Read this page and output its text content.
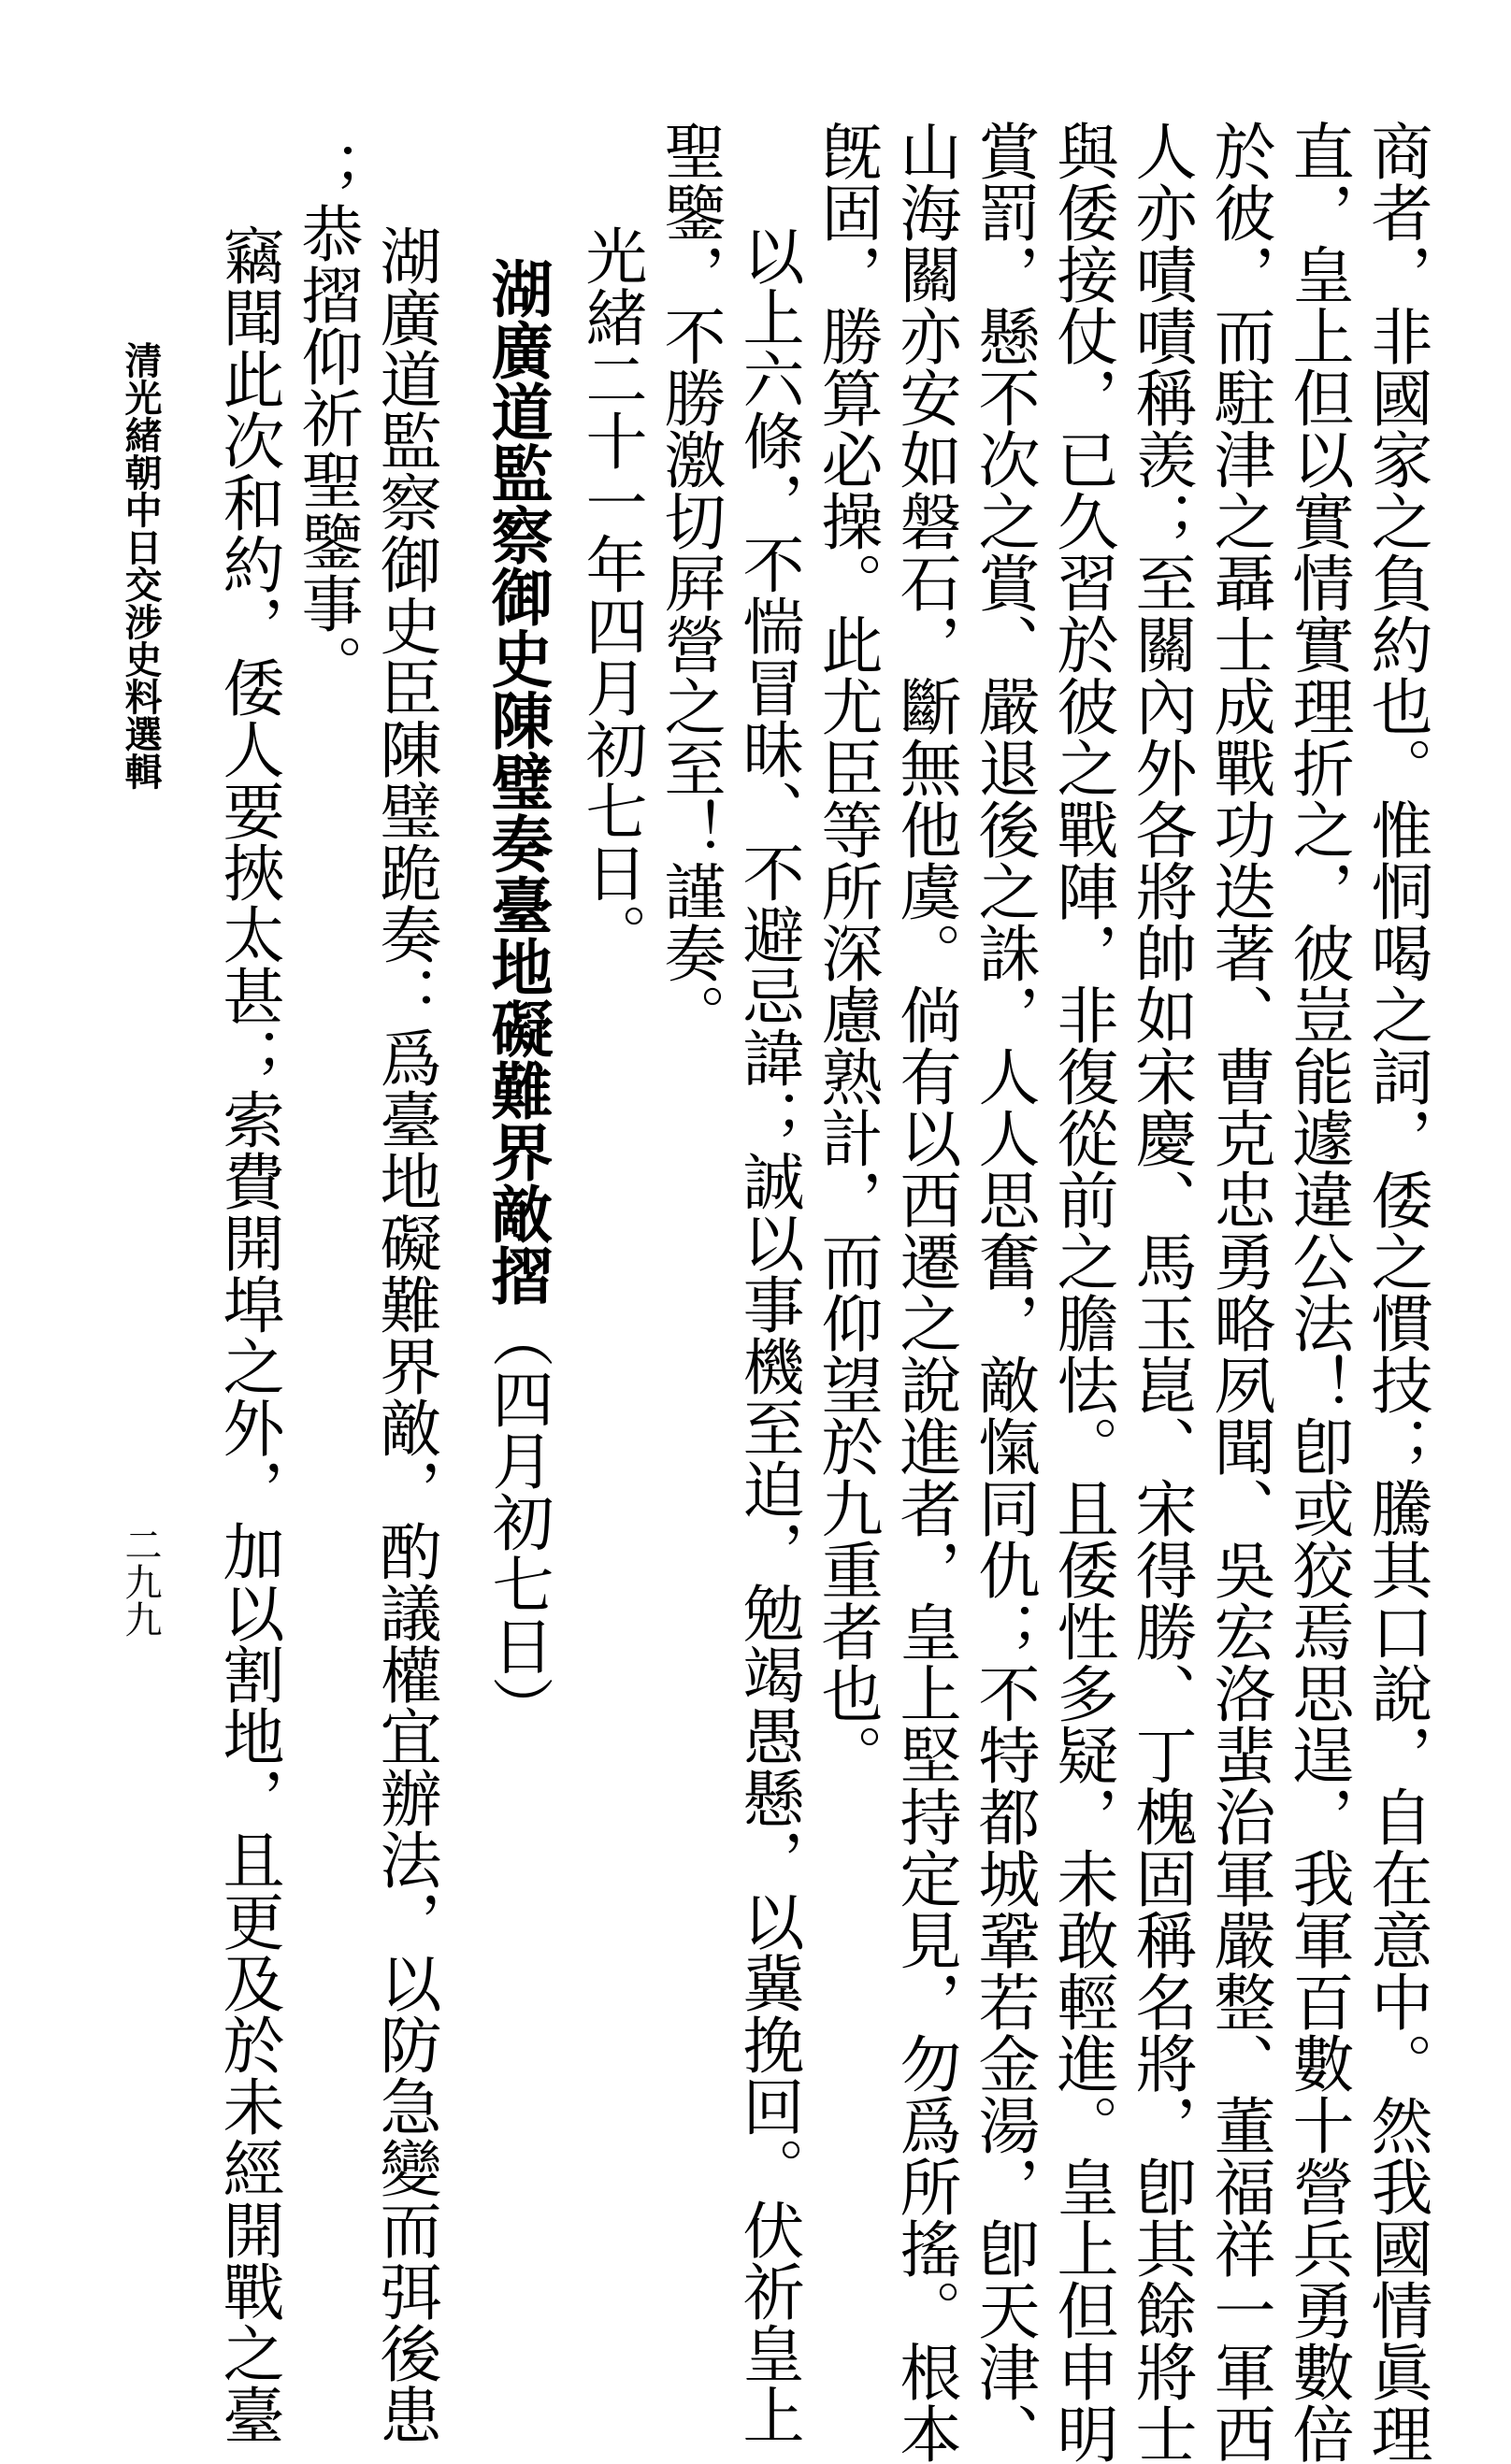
商者，非國家之負約也。惟恫喝之詞，倭之慣技；騰其口說，自在意中。然我國情眞理
直，皇上但以實情實理折之，彼豈能遽違公法！卽或狡焉思逞，我軍百數十營兵勇數倍
於彼，而駐津之聶士成戰功迭著、曹克忠勇略夙聞、吳宏洛蜚治軍嚴整、董福祥一軍西
人亦嘖嘖稱羡；至關內外各將帥如宋慶、馬玉崑、宋得勝、丁槐固稱名將，卽其餘將士
與倭接仗，已久習於彼之戰陣，非復從前之膽怯。且倭性多疑，未敢輕進。皇上但申明
賞罰，懸不次之賞、嚴退後之誅，人人思奮，敵愾同仇；不特都城鞏若金湯，卽天津、
山海關亦安如磐石，斷無他虞。倘有以西遷之說進者，皇上堅持定見，勿爲所搖。根本
旣固，勝算必操。此尤臣等所深慮熟計，而仰望於九重者也。
以上六條，不惴冒昧、不避忌諱；誠以事機至迫，勉竭愚懸，以冀挽回。伏祈皇上
聖鑒，不勝激切屛營之至！謹奏。
光緒二十一年四月初七日。
湖廣道監察御史陳璧奏臺地礙難界敵摺（四月初七日）
湖廣道監察御史臣陳璧跪奏：爲臺地礙難界敵，酌議權宜辦法，以防急變而弭後患
；恭摺仰祈聖鑒事。
竊聞此次和約，倭人要挾太甚；索費開埠之外，加以割地，且更及於未經開戰之臺
清光緒朝中日交涉史料選輯
二九九
